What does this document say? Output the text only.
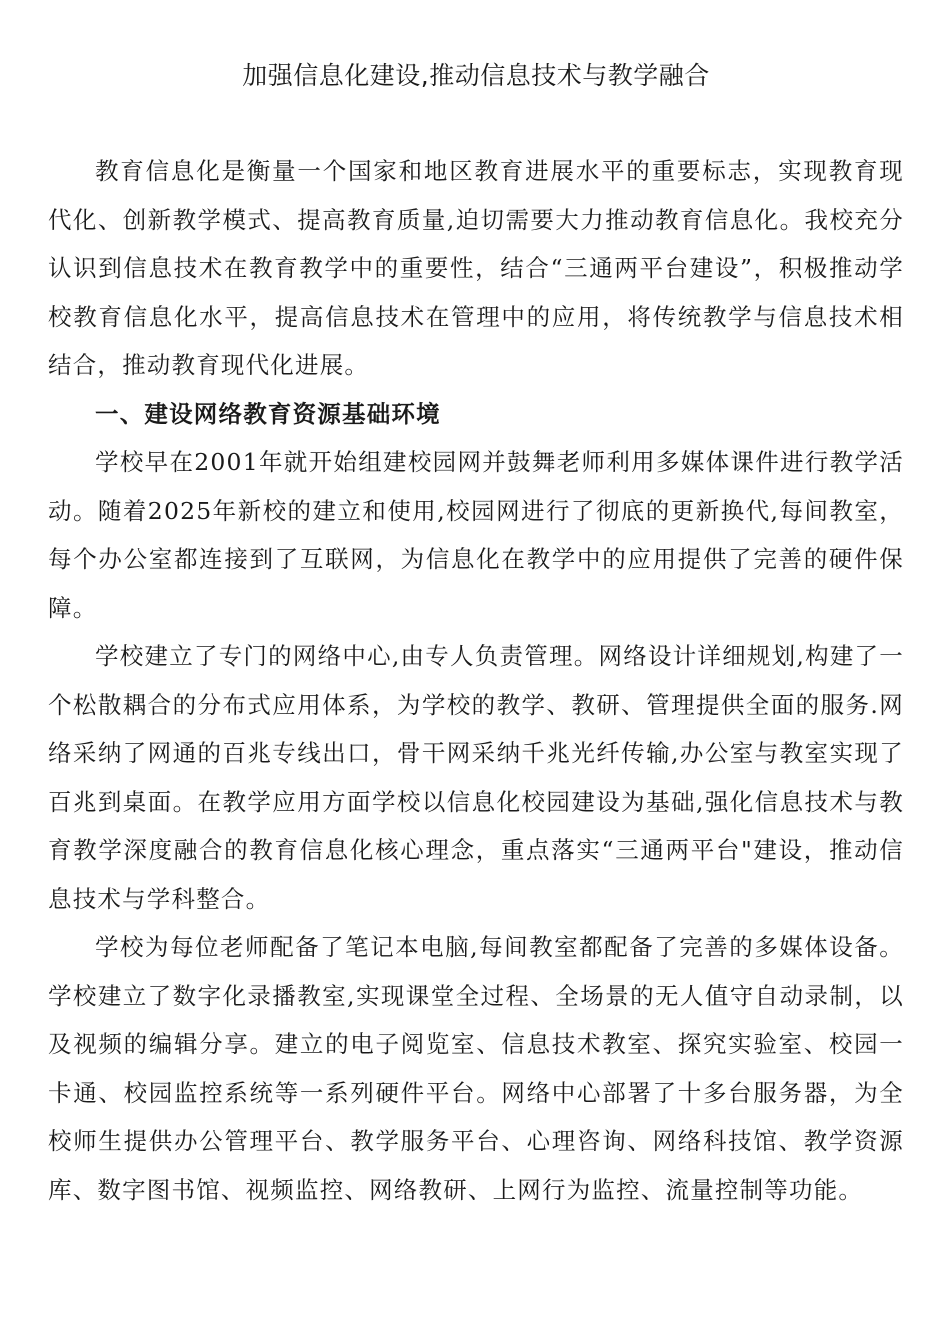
加强信息化建设,推动信息技术与教学融合

教育信息化是衡量一个国家和地区教育进展水平的重要标志，实现教育现代化、创新教学模式、提高教育质量,迫切需要大力推动教育信息化。我校充分认识到信息技术在教育教学中的重要性，结合“三通两平台建设”，积极推动学校教育信息化水平，提高信息技术在管理中的应用，将传统教学与信息技术相结合，推动教育现代化进展。

一、建设网络教育资源基础环境

学校早在2001年就开始组建校园网并鼓舞老师利用多媒体课件进行教学活动。随着2025年新校的建立和使用,校园网进行了彻底的更新换代,每间教室，每个办公室都连接到了互联网，为信息化在教学中的应用提供了完善的硬件保障。

学校建立了专门的网络中心,由专人负责管理。网络设计详细规划,构建了一个松散耦合的分布式应用体系，为学校的教学、教研、管理提供全面的服务.网络采纳了网通的百兆专线出口，骨干网采纳千兆光纤传输,办公室与教室实现了百兆到桌面。在教学应用方面学校以信息化校园建设为基础,强化信息技术与教育教学深度融合的教育信息化核心理念，重点落实“三通两平台"建设，推动信息技术与学科整合。

学校为每位老师配备了笔记本电脑,每间教室都配备了完善的多媒体设备。学校建立了数字化录播教室,实现课堂全过程、全场景的无人值守自动录制，以及视频的编辑分享。建立的电子阅览室、信息技术教室、探究实验室、校园一卡通、校园监控系统等一系列硬件平台。网络中心部署了十多台服务器，为全校师生提供办公管理平台、教学服务平台、心理咨询、网络科技馆、教学资源库、数字图书馆、视频监控、网络教研、上网行为监控、流量控制等功能。
